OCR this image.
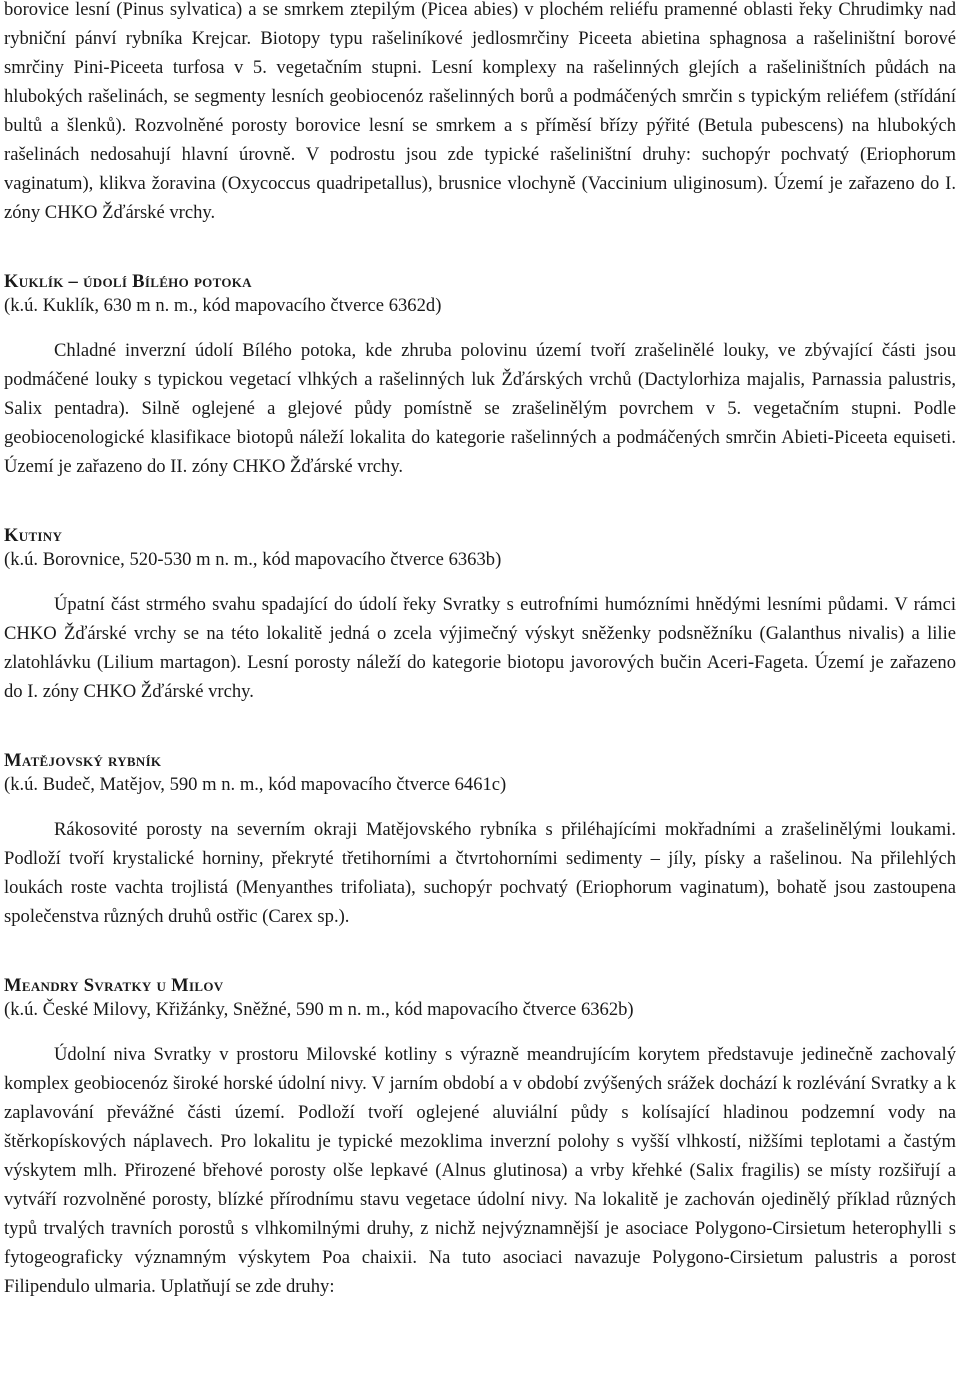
borovice lesní (Pinus sylvatica) a se smrkem ztepilým (Picea abies) v plochém reliéfu pramenné oblasti řeky Chrudimky nad rybniční pánví rybníka Krejcar. Biotopy typu rašeliníkové jedlosmrčiny Piceeta abietina sphagnosa a rašeliništní borové smrčiny Pini-Piceeta turfosa v 5. vegetačním stupni. Lesní komplexy na rašelinných glejích a rašeliništních půdách na hlubokých rašelinách, se segmenty lesních geobiocenóz rašelinných borů a podmáčených smrčin s typickým reliéfem (střídání bultů a šlenků). Rozvolněné porosty borovice lesní se smrkem a s příměsí břízy pýřité (Betula pubescens) na hlubokých rašelinách nedosahují hlavní úrovně. V podrostu jsou zde typické rašeliništní druhy: suchopýr pochvatý (Eriophorum vaginatum), klikva žoravina (Oxycoccus quadripetallus), brusnice vlochyně (Vaccinium uliginosum). Území je zařazeno do I. zóny CHKO Žďárské vrchy.

Kuklík – údolí Bílého potoka

(k.ú. Kuklík, 630 m n. m., kód mapovacího čtverce 6362d)

Chladné inverzní údolí Bílého potoka, kde zhruba polovinu území tvoří zrašelinělé louky, ve zbývající části jsou podmáčené louky s typickou vegetací vlhkých a rašelinných luk Žďárských vrchů (Dactylorhiza majalis, Parnassia palustris, Salix pentadra). Silně oglejené a glejové půdy pomístně se zrašelinělým povrchem v 5. vegetačním stupni. Podle geobiocenologické klasifikace biotopů náleží lokalita do kategorie rašelinných a podmáčených smrčin Abieti-Piceeta equiseti. Území je zařazeno do II. zóny CHKO Žďárské vrchy.

Kutiny

(k.ú. Borovnice, 520-530 m n. m., kód mapovacího čtverce 6363b)

Úpatní část strmého svahu spadající do údolí řeky Svratky s eutrofními humózními hnědými lesními půdami. V rámci CHKO Žďárské vrchy se na této lokalitě jedná o zcela výjimečný výskyt sněženky podsněžníku (Galanthus nivalis) a lilie zlatohlávku (Lilium martagon). Lesní porosty náleží do kategorie biotopu javorových bučin Aceri-Fageta. Území je zařazeno do I. zóny CHKO Žďárské vrchy.

Matějovský rybník

(k.ú. Budeč, Matějov, 590 m n. m., kód mapovacího čtverce 6461c)

Rákosovité porosty na severním okraji Matějovského rybníka s přiléhajícími mokřadními a zrašelinělými loukami. Podloží tvoří krystalické horniny, překryté třetihorními a čtvrtohorními sedimenty – jíly, písky a rašelinou. Na přilehlých loukách roste vachta trojlistá (Menyanthes trifoliata), suchopýr pochvatý (Eriophorum vaginatum), bohatě jsou zastoupena společenstva různých druhů ostřic (Carex sp.).

Meandry Svratky u Milov

(k.ú. České Milovy, Křižánky, Sněžné, 590 m n. m., kód mapovacího čtverce 6362b)

Údolní niva Svratky v prostoru Milovské kotliny s výrazně meandrujícím korytem představuje jedinečně zachovalý komplex geobiocenóz široké horské údolní nivy. V jarním období a v období zvýšených srážek dochází k rozlévání Svratky a k zaplavování převážné části území. Podloží tvoří oglejené aluviální půdy s kolísající hladinou podzemní vody na štěrkopískových náplavech. Pro lokalitu je typické mezoklima inverzní polohy s vyšší vlhkostí, nižšími teplotami a častým výskytem mlh. Přirozené břehové porosty olše lepkavé (Alnus glutinosa) a vrby křehké (Salix fragilis) se místy rozšiřují a vytváří rozvolněné porosty, blízké přírodnímu stavu vegetace údolní nivy. Na lokalitě je zachován ojedinělý příklad různých typů trvalých travních porostů s vlhkomilnými druhy, z nichž nejvýznamnější je asociace Polygono-Cirsietum heterophylli s fytogeograficky významným výskytem Poa chaixii. Na tuto asociaci navazuje Polygono-Cirsietum palustris a porost Filipendulo ulmaria. Uplatňují se zde druhy:
